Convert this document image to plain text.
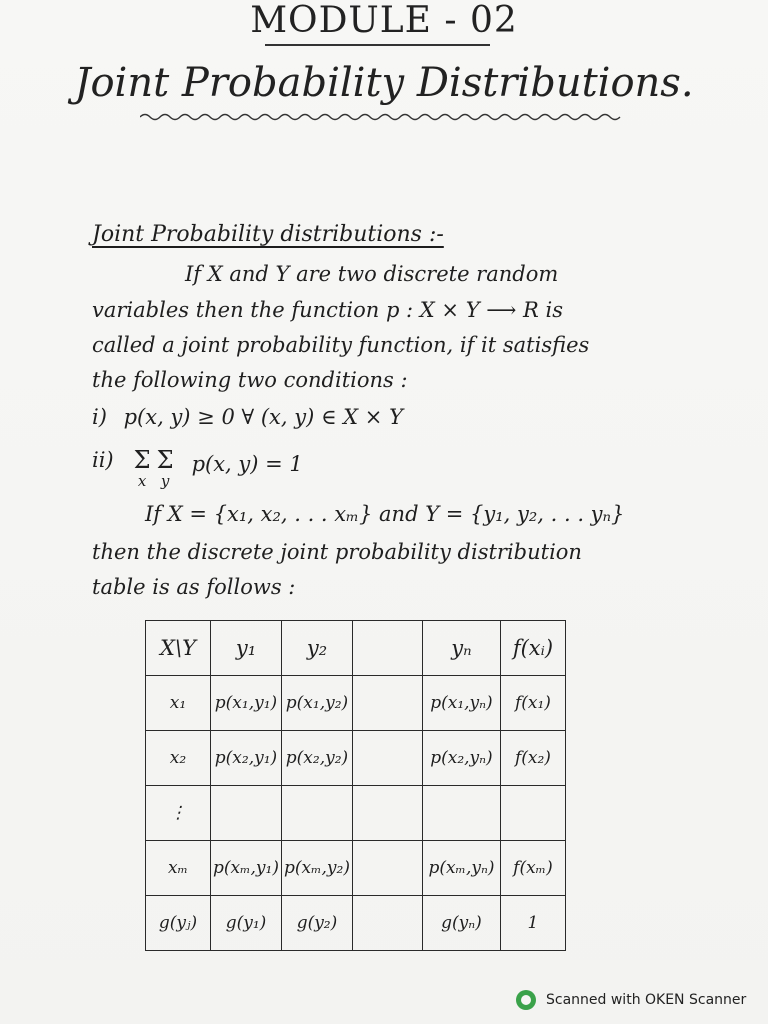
MODULE - 02
Joint Probability Distributions.
Joint Probability distributions :-
If X and Y are two discrete random
variables then the function p : X × Y ⟶ R is
called a joint probability function, if it satisfies
the following two conditions :
i) p(x, y) ≥ 0 ∀ (x, y) ∈ X × Y
ii) Σ
x
Σ
y
p(x, y) = 1
If X = {x₁, x₂, . . . xₘ} and Y = {y₁, y₂, . . . yₙ}
then the discrete joint probability distribution
table is as follows :
X\Y	y₁	y₂		yₙ	f(xᵢ)
x₁	p(x₁,y₁)	p(x₁,y₂)		p(x₁,yₙ)	f(x₁)
x₂	p(x₂,y₁)	p(x₂,y₂)		p(x₂,yₙ)	f(x₂)
⋮					
xₘ	p(xₘ,y₁)	p(xₘ,y₂)		p(xₘ,yₙ)	f(xₘ)
g(yⱼ)	g(y₁)	g(y₂)		g(yₙ)	1
Scanned with OKEN Scanner
